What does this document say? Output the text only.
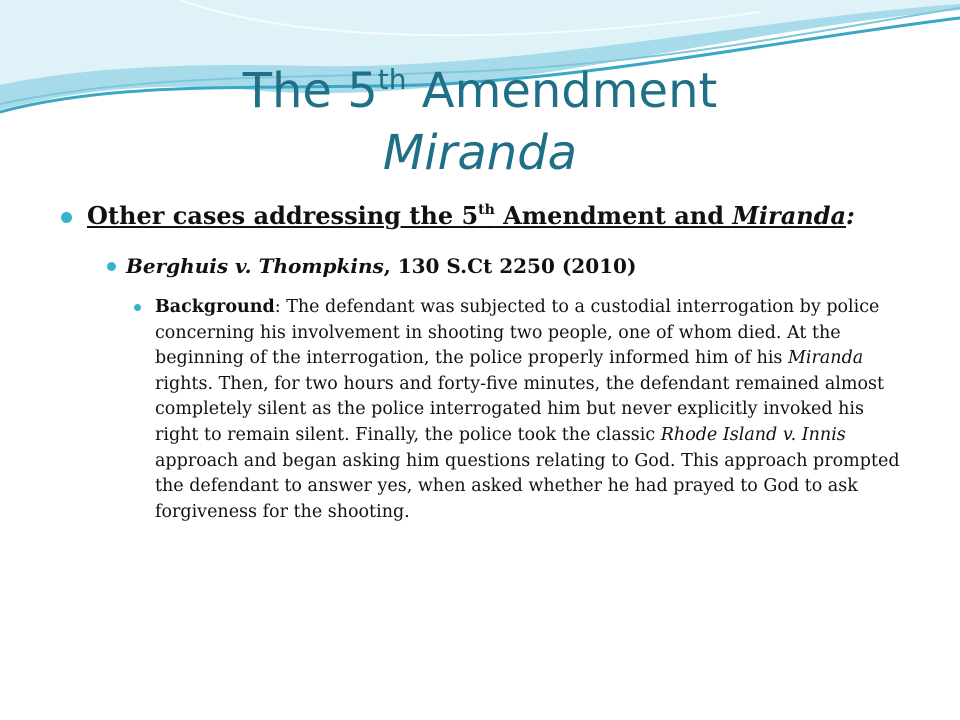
The 5th Amendment
Miranda
Other cases addressing the 5th Amendment and Miranda:
Berghuis v. Thompkins, 130 S.Ct 2250 (2010)
Background: The defendant was subjected to a custodial interrogation by police concerning his involvement in shooting two people, one of whom died. At the beginning of the interrogation, the police properly informed him of his Miranda rights. Then, for two hours and forty-five minutes, the defendant remained almost completely silent as the police interrogated him but never explicitly invoked his right to remain silent. Finally, the police took the classic Rhode Island v. Innis approach and began asking him questions relating to God. This approach prompted the defendant to answer yes, when asked whether he had prayed to God to ask forgiveness for the shooting.
